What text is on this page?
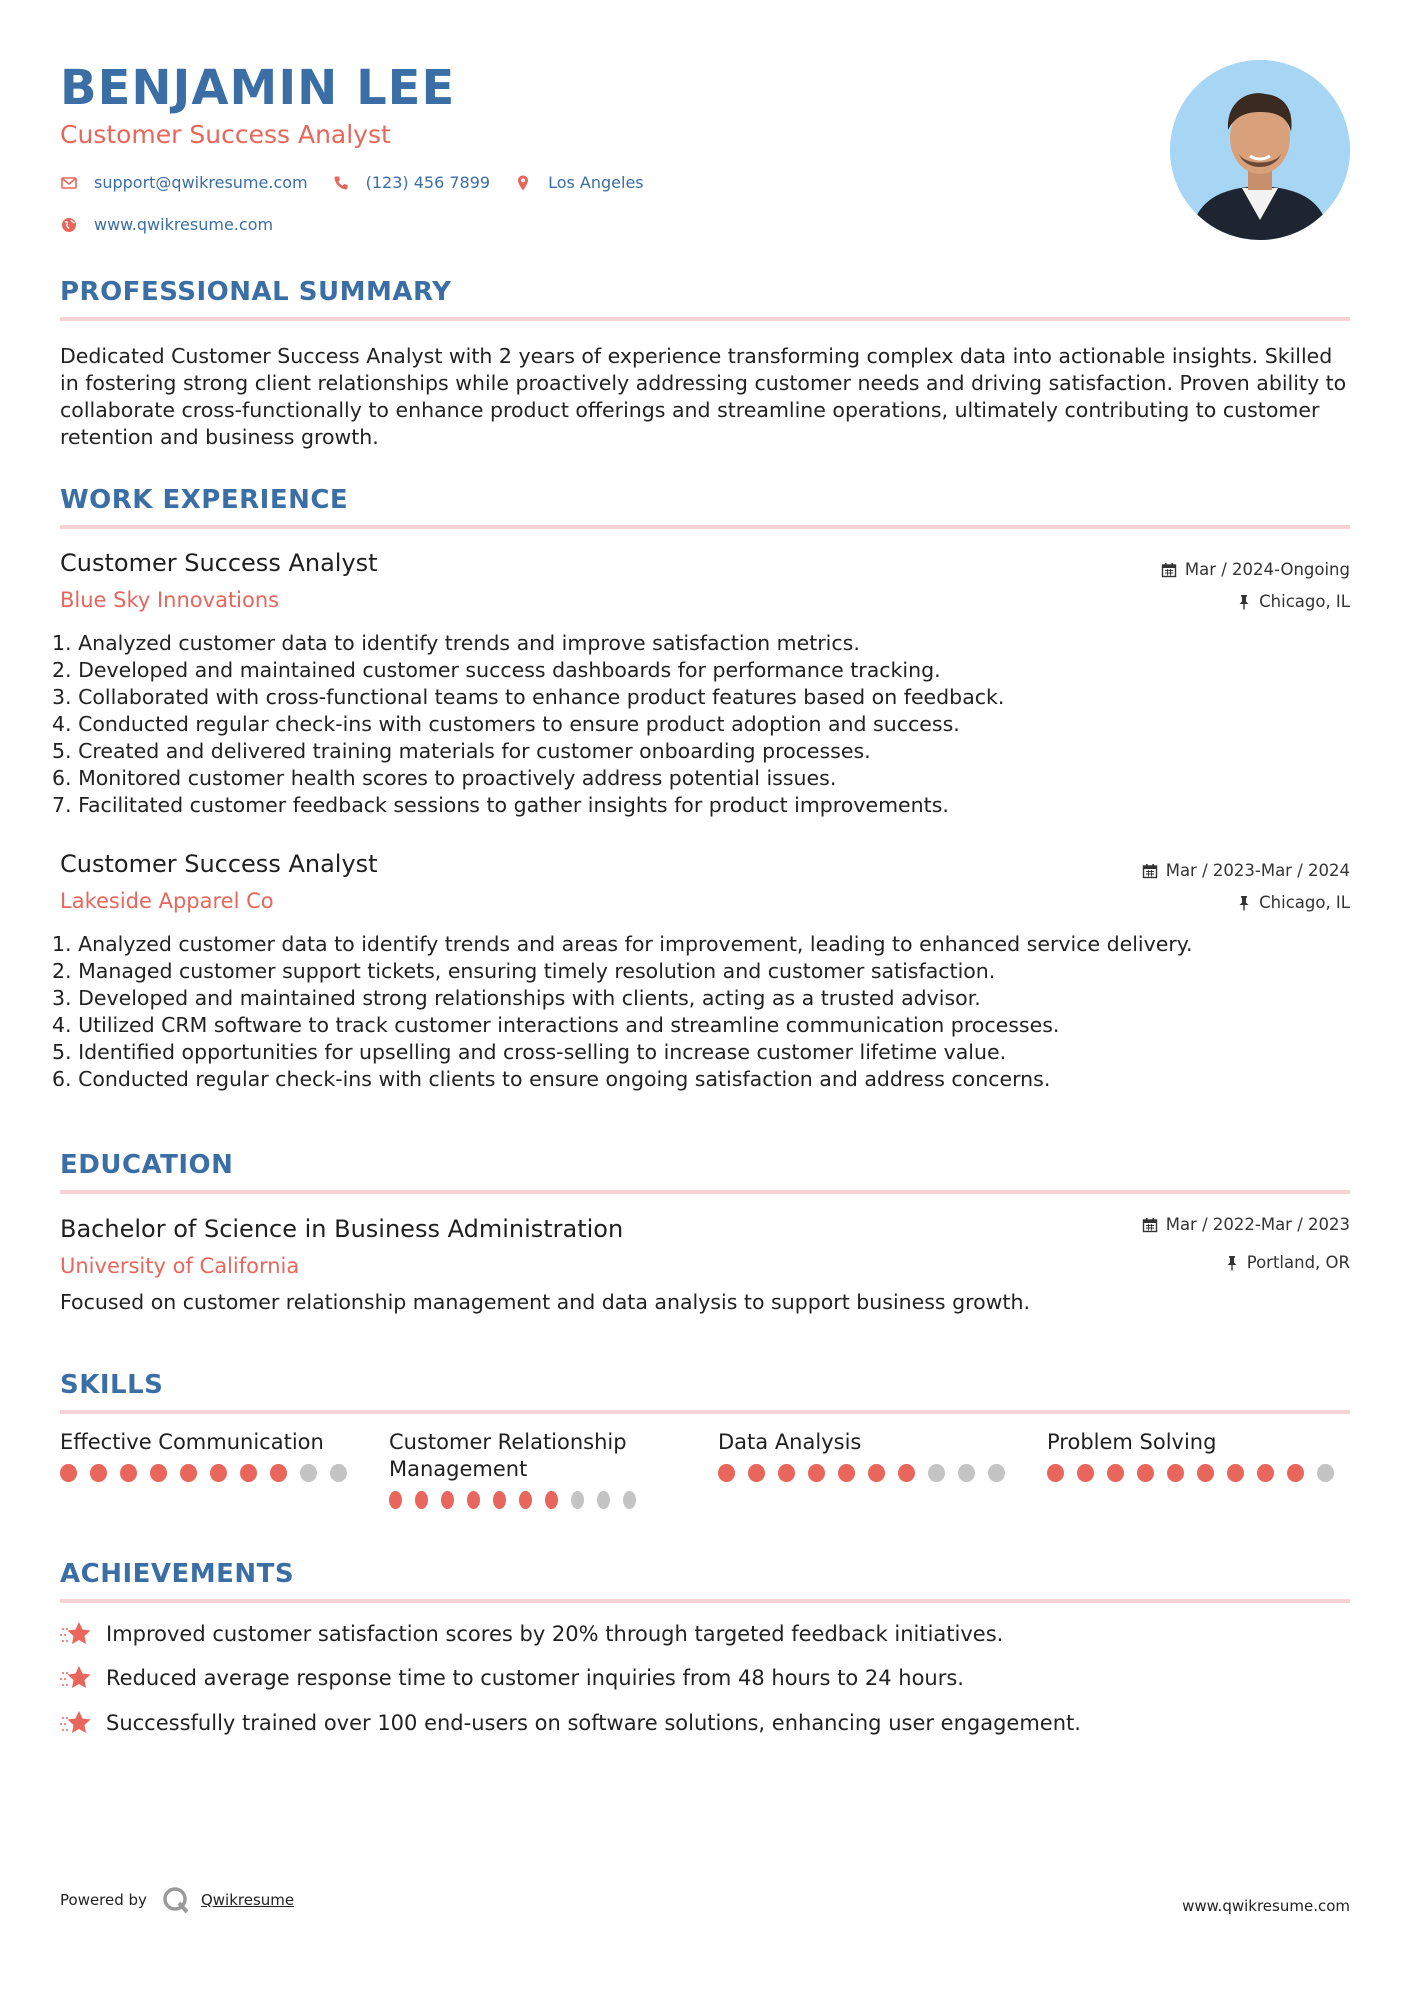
BENJAMIN LEE
Customer Success Analyst
support@qwikresume.com	(123) 456 7899	Los Angeles
www.qwikresume.com
PROFESSIONAL SUMMARY
Dedicated Customer Success Analyst with 2 years of experience transforming complex data into actionable insights. Skilled in fostering strong client relationships while proactively addressing customer needs and driving satisfaction. Proven ability to collaborate cross-functionally to enhance product offerings and streamline operations, ultimately contributing to customer retention and business growth.
WORK EXPERIENCE
Customer Success Analyst
Blue Sky Innovations
Mar / 2024-Ongoing
Chicago, IL
1. Analyzed customer data to identify trends and improve satisfaction metrics.
2. Developed and maintained customer success dashboards for performance tracking.
3. Collaborated with cross-functional teams to enhance product features based on feedback.
4. Conducted regular check-ins with customers to ensure product adoption and success.
5. Created and delivered training materials for customer onboarding processes.
6. Monitored customer health scores to proactively address potential issues.
7. Facilitated customer feedback sessions to gather insights for product improvements.
Customer Success Analyst
Lakeside Apparel Co
Mar / 2023-Mar / 2024
Chicago, IL
1. Analyzed customer data to identify trends and areas for improvement, leading to enhanced service delivery.
2. Managed customer support tickets, ensuring timely resolution and customer satisfaction.
3. Developed and maintained strong relationships with clients, acting as a trusted advisor.
4. Utilized CRM software to track customer interactions and streamline communication processes.
5. Identified opportunities for upselling and cross-selling to increase customer lifetime value.
6. Conducted regular check-ins with clients to ensure ongoing satisfaction and address concerns.
EDUCATION
Bachelor of Science in Business Administration
University of California
Mar / 2022-Mar / 2023
Portland, OR
Focused on customer relationship management and data analysis to support business growth.
SKILLS
Effective Communication	Customer Relationship Management
Data Analysis	Problem Solving
ACHIEVEMENTS
Improved customer satisfaction scores by 20% through targeted feedback initiatives.
Reduced average response time to customer inquiries from 48 hours to 24 hours.
Successfully trained over 100 end-users on software solutions, enhancing user engagement.
Powered by	Qwikresume	www.qwikresume.com
